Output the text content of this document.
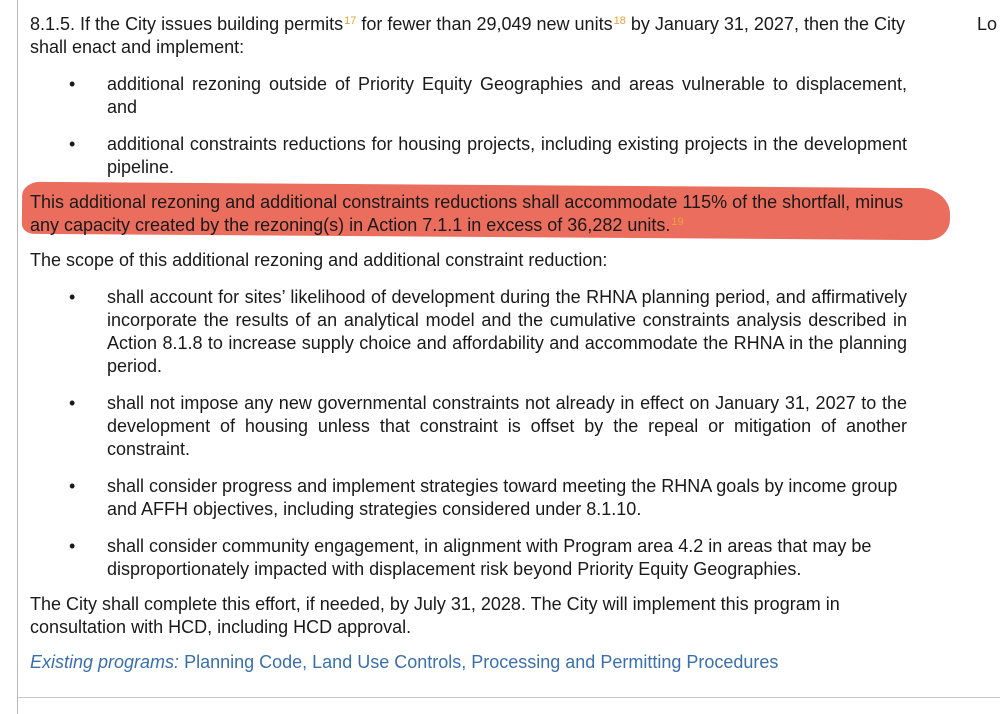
Lo

8.1.5. If the City issues building permits$^{17}$ for fewer than 29,049 new units$^{18}$ by January 31, 2027, then the City shall enact and implement:

• additional rezoning outside of Priority Equity Geographies and areas vulnerable to displacement, and
• additional constraints reductions for housing projects, including existing projects in the development pipeline.

This additional rezoning and additional constraints reductions shall accommodate 115% of the shortfall, minus any capacity created by the rezoning(s) in Action 7.1.1 in excess of 36,282 units.$^{19}$

The scope of this additional rezoning and additional constraint reduction:

• shall account for sites’ likelihood of development during the RHNA planning period, and affirmatively incorporate the results of an analytical model and the cumulative constraints analysis described in Action 8.1.8 to increase supply choice and affordability and accommodate the RHNA in the planning period.
• shall not impose any new governmental constraints not already in effect on January 31, 2027 to the development of housing unless that constraint is offset by the repeal or mitigation of another constraint.
• shall consider progress and implement strategies toward meeting the RHNA goals by income group and AFFH objectives, including strategies considered under 8.1.10.
• shall consider community engagement, in alignment with Program area 4.2 in areas that may be disproportionately impacted with displacement risk beyond Priority Equity Geographies.

The City shall complete this effort, if needed, by July 31, 2028. The City will implement this program in consultation with HCD, including HCD approval.

Existing programs: Planning Code, Land Use Controls, Processing and Permitting Procedures
